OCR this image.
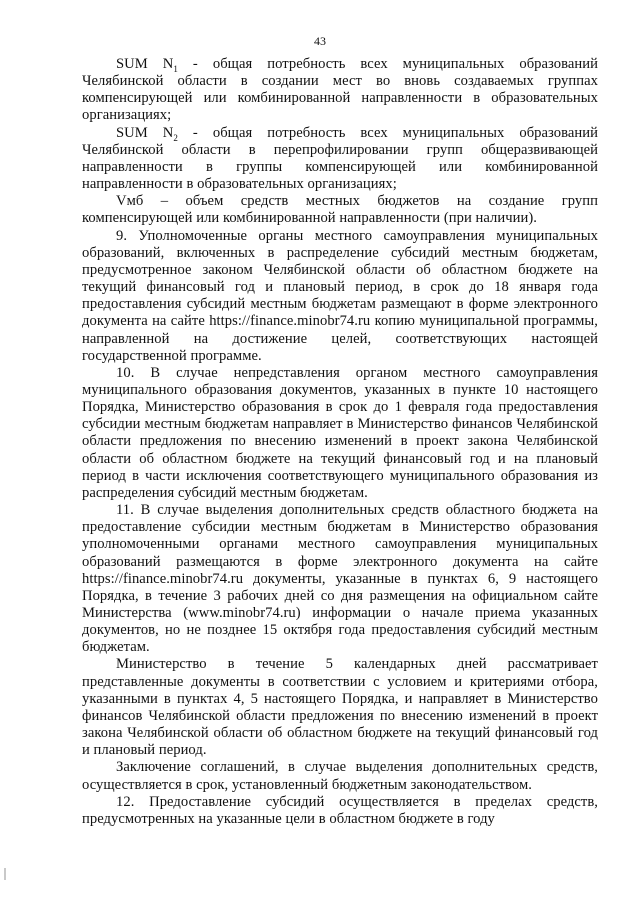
43

SUM $N_1$ - общая потребность всех муниципальных образований Челябинской области в создании мест во вновь создаваемых группах компенсирующей или комбинированной направленности в образовательных организациях;

SUM $N_2$ - общая потребность всех муниципальных образований Челябинской области в перепрофилировании групп общеразвивающей направленности в группы компенсирующей или комбинированной направленности в образовательных организациях;

Vмб – объем средств местных бюджетов на создание групп компенсирующей или комбинированной направленности (при наличии).

9. Уполномоченные органы местного самоуправления муниципальных образований, включенных в распределение субсидий местным бюджетам, предусмотренное законом Челябинской области об областном бюджете на текущий финансовый год и плановый период, в срок до 18 января года предоставления субсидий местным бюджетам размещают в форме электронного документа на сайте https://finance.minobr74.ru копию муниципальной программы, направленной на достижение целей, соответствующих настоящей государственной программе.

10. В случае непредставления органом местного самоуправления муниципального образования документов, указанных в пункте 10 настоящего Порядка, Министерство образования в срок до 1 февраля года предоставления субсидии местным бюджетам направляет в Министерство финансов Челябинской области предложения по внесению изменений в проект закона Челябинской области об областном бюджете на текущий финансовый год и на плановый период в части исключения соответствующего муниципального образования из распределения субсидий местным бюджетам.

11. В случае выделения дополнительных средств областного бюджета на предоставление субсидии местным бюджетам в Министерство образования уполномоченными органами местного самоуправления муниципальных образований размещаются в форме электронного документа на сайте https://finance.minobr74.ru документы, указанные в пунктах 6, 9 настоящего Порядка, в течение 3 рабочих дней со дня размещения на официальном сайте Министерства (www.minobr74.ru) информации о начале приема указанных документов, но не позднее 15 октября года предоставления субсидий местным бюджетам.

Министерство в течение 5 календарных дней рассматривает представленные документы в соответствии с условием и критериями отбора, указанными в пунктах 4, 5 настоящего Порядка, и направляет в Министерство финансов Челябинской области предложения по внесению изменений в проект закона Челябинской области об областном бюджете на текущий финансовый год и плановый период.

Заключение соглашений, в случае выделения дополнительных средств, осуществляется в срок, установленный бюджетным законодательством.

12. Предоставление субсидий осуществляется в пределах средств, предусмотренных на указанные цели в областном бюджете в году
